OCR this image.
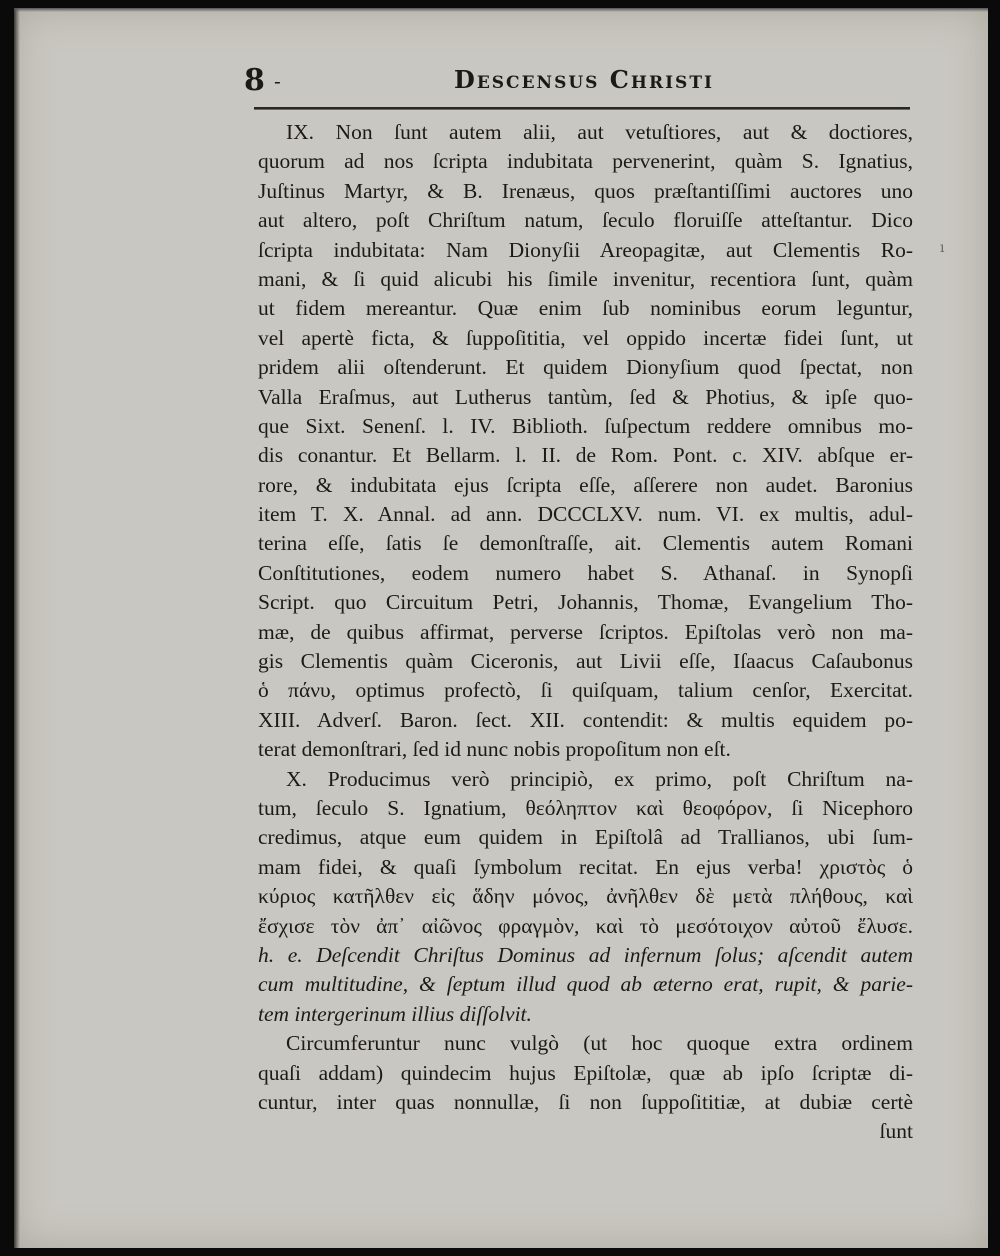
8 -	Descensus Christi
IX. Non ſunt autem alii, aut vetuſtiores, aut & doctiores,
quorum ad nos ſcripta indubitata pervenerint, quàm S. Ignatius,
Juſtinus Martyr, & B. Irenæus, quos præſtantiſſimi auctores uno
aut altero, poſt Chriſtum natum, ſeculo floruiſſe atteſtantur. Dico
ſcripta indubitata: Nam Dionyſii Areopagitæ, aut Clementis Ro-
mani, & ſi quid alicubi his ſimile invenitur, recentiora ſunt, quàm
ut fidem mereantur. Quæ enim ſub nominibus eorum leguntur,
vel apertè ficta, & ſuppoſititia, vel oppido incertæ fidei ſunt, ut
pridem alii oſtenderunt. Et quidem Dionyſium quod ſpectat, non
Valla Eraſmus, aut Lutherus tantùm, ſed & Photius, & ipſe quo-
que Sixt. Senenſ. l. IV. Biblioth. ſuſpectum reddere omnibus mo-
dis conantur. Et Bellarm. l. II. de Rom. Pont. c. XIV. abſque er-
rore, & indubitata ejus ſcripta eſſe, aſſerere non audet. Baronius
item T. X. Annal. ad ann. DCCCLXV. num. VI. ex multis, adul-
terina eſſe, ſatis ſe demonſtraſſe, ait. Clementis autem Romani
Conſtitutiones, eodem numero habet S. Athanaſ. in Synopſi
Script. quo Circuitum Petri, Johannis, Thomæ, Evangelium Tho-
mæ, de quibus affirmat, perverse ſcriptos. Epiſtolas verò non ma-
gis Clementis quàm Ciceronis, aut Livii eſſe, Iſaacus Caſaubonus
ὁ πάνυ, optimus profectò, ſi quiſquam, talium cenſor, Exercitat.
XIII. Adverſ. Baron. ſect. XII. contendit: & multis equidem po-
terat demonſtrari, ſed id nunc nobis propoſitum non eſt.
X. Producimus verò principiò, ex primo, poſt Chriſtum na-
tum, ſeculo S. Ignatium, θεόληπτον καὶ θεοφόρον, ſi Nicephoro
credimus, atque eum quidem in Epiſtolâ ad Trallianos, ubi ſum-
mam fidei, & quaſi ſymbolum recitat. En ejus verba! χριστὸς ὁ
κύριος κατῆλθεν εἰς ἅδην μόνος, ἀνῆλθεν δὲ μετὰ πλήθους, καὶ
ἔσχισε τὸν ἀπ᾽ αἰῶνος φραγμὸν, καὶ τὸ μεσότοιχον αὐτοῦ ἔλυσε.
h. e. Deſcendit Chriſtus Dominus ad infernum ſolus; aſcendit autem
cum multitudine, & ſeptum illud quod ab æterno erat, rupit, & parie-
tem intergerinum illius diſſolvit.
Circumferuntur nunc vulgò (ut hoc quoque extra ordinem
quaſi addam) quindecim hujus Epiſtolæ, quæ ab ipſo ſcriptæ di-
cuntur, inter quas nonnullæ, ſi non ſuppoſititiæ, at dubiæ certè
ſunt
ı
